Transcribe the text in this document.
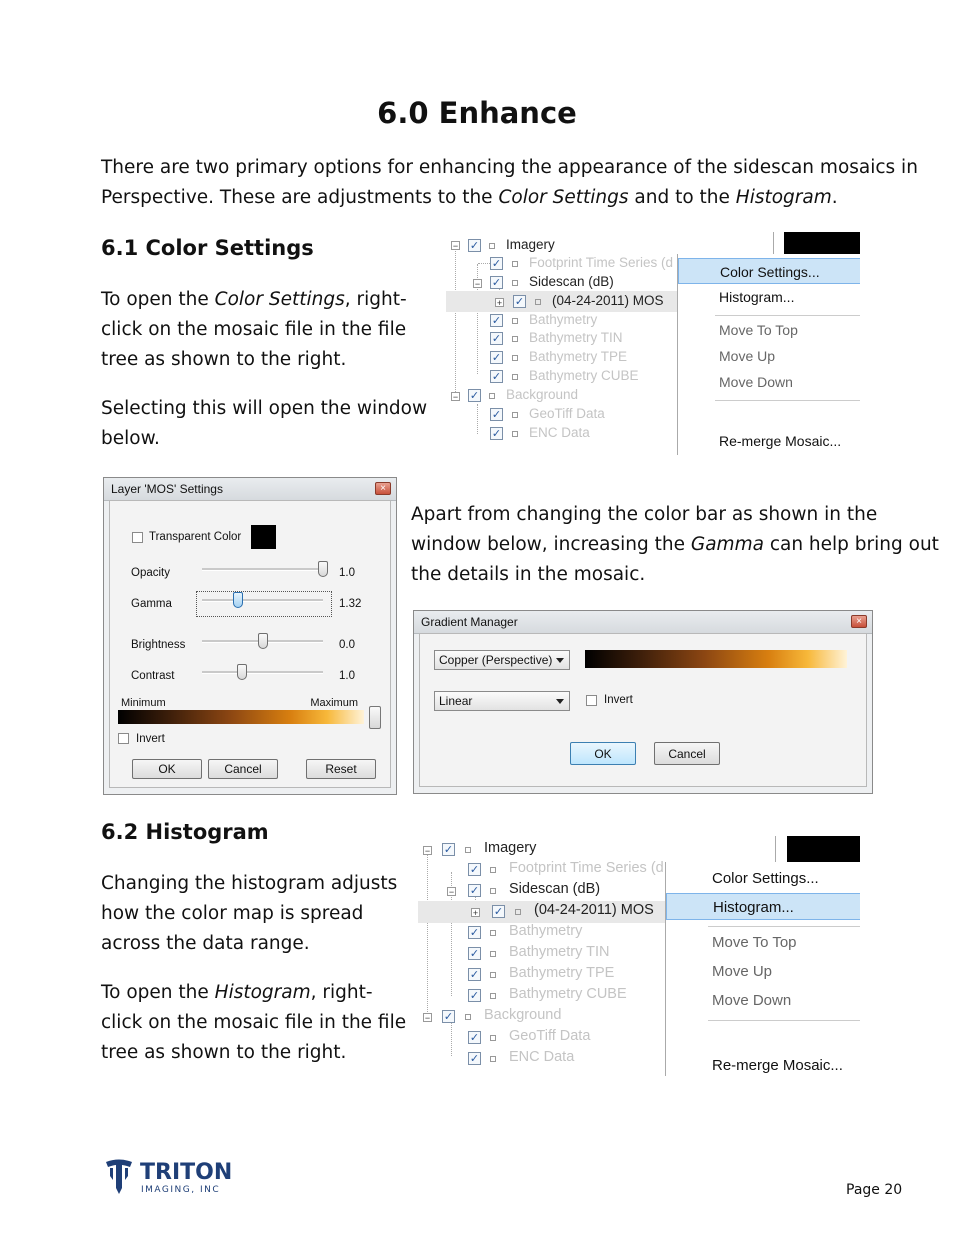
6.0 Enhance
There are two primary options for enhancing the appearance of the sidescan mosaics in
Perspective. These are adjustments to the Color Settings and to the Histogram.
6.1 Color Settings
To open the Color Settings, right-
click on the mosaic file in the file
tree as shown to the right.
Selecting this will open the window
below.
− ✓ Imagery
✓ Footprint Time Series (d
− ✓ Sidescan (dB)
+ ✓ (04-24-2011) MOS
✓ Bathymetry
✓ Bathymetry TIN
✓ Bathymetry TPE
✓ Bathymetry CUBE
− ✓ Background
✓ GeoTiff Data
✓ ENC Data
Color Settings...
Histogram...
Move To Top
Move Up
Move Down
Re-merge Mosaic...
Layer 'MOS' Settings	×
Transparent Color
Opacity	1.0
Gamma	1.32
Brightness	0.0
Contrast	1.0
Minimum	Maximum
Invert
OK	Cancel	Reset
Apart from changing the color bar as shown in the
window below, increasing the Gamma can help bring out
the details in the mosaic.
Gradient Manager	×
Copper (Perspective)
Linear	Invert
OK	Cancel
6.2 Histogram
Changing the histogram adjusts
how the color map is spread
across the data range.
To open the Histogram, right-
click on the mosaic file in the file
tree as shown to the right.
− ✓ Imagery
✓ Footprint Time Series (d
− ✓ Sidescan (dB)
+ ✓ (04-24-2011) MOS
✓ Bathymetry
✓ Bathymetry TIN
✓ Bathymetry TPE
✓ Bathymetry CUBE
− ✓ Background
✓ GeoTiff Data
✓ ENC Data
Color Settings...
Histogram...
Move To Top
Move Up
Move Down
Re-merge Mosaic...
TRITON
IMAGING, INC	Page 20
